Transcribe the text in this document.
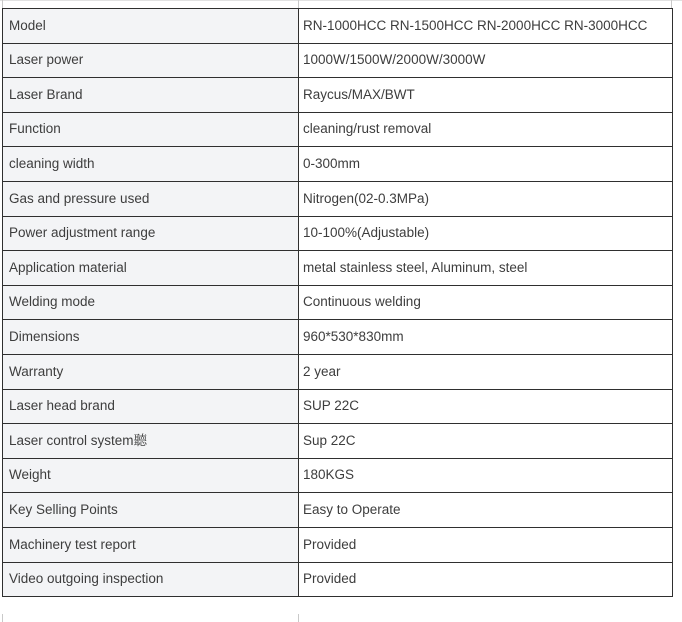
Model	RN-1000HCC RN-1500HCC RN-2000HCC RN-3000HCC
Laser power	1000W/1500W/2000W/3000W
Laser Brand	Raycus/MAX/BWT
Function	cleaning/rust removal
cleaning width	0-300mm
Gas and pressure used	Nitrogen(02-0.3MPa)
Power adjustment range	10-100%(Adjustable)
Application material	metal stainless steel, Aluminum, steel
Welding mode	Continuous welding
Dimensions	960*530*830mm
Warranty	2 year
Laser head brand	SUP 22C
Laser control system聽	Sup 22C
Weight	180KGS
Key Selling Points	Easy to Operate
Machinery test report	Provided
Video outgoing inspection	Provided
